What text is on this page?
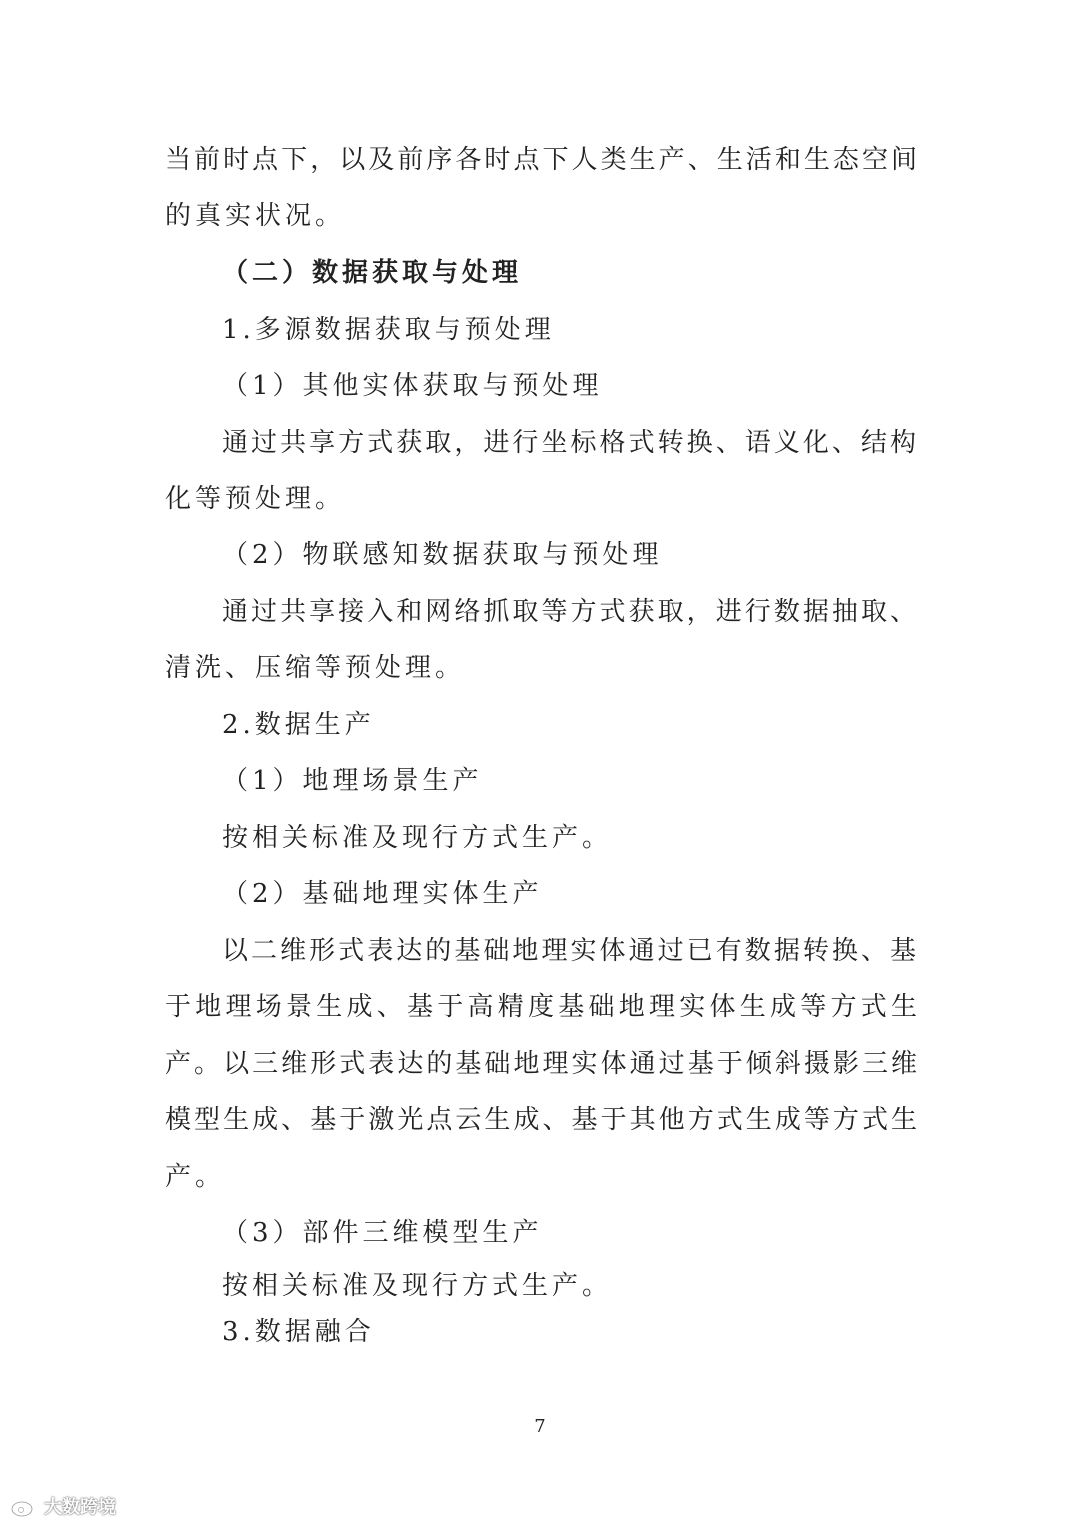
当前时点下，以及前序各时点下人类生产、生活和生态空间
的真实状况。
（二）数据获取与处理
1.多源数据获取与预处理
（1）其他实体获取与预处理
通过共享方式获取，进行坐标格式转换、语义化、结构
化等预处理。
（2）物联感知数据获取与预处理
通过共享接入和网络抓取等方式获取，进行数据抽取、
清洗、压缩等预处理。
2.数据生产
（1）地理场景生产
按相关标准及现行方式生产。
（2）基础地理实体生产
以二维形式表达的基础地理实体通过已有数据转换、基
于地理场景生成、基于高精度基础地理实体生成等方式生
产。以三维形式表达的基础地理实体通过基于倾斜摄影三维
模型生成、基于激光点云生成、基于其他方式生成等方式生
产。
（3）部件三维模型生产
按相关标准及现行方式生产。
3.数据融合
7
大数跨境
